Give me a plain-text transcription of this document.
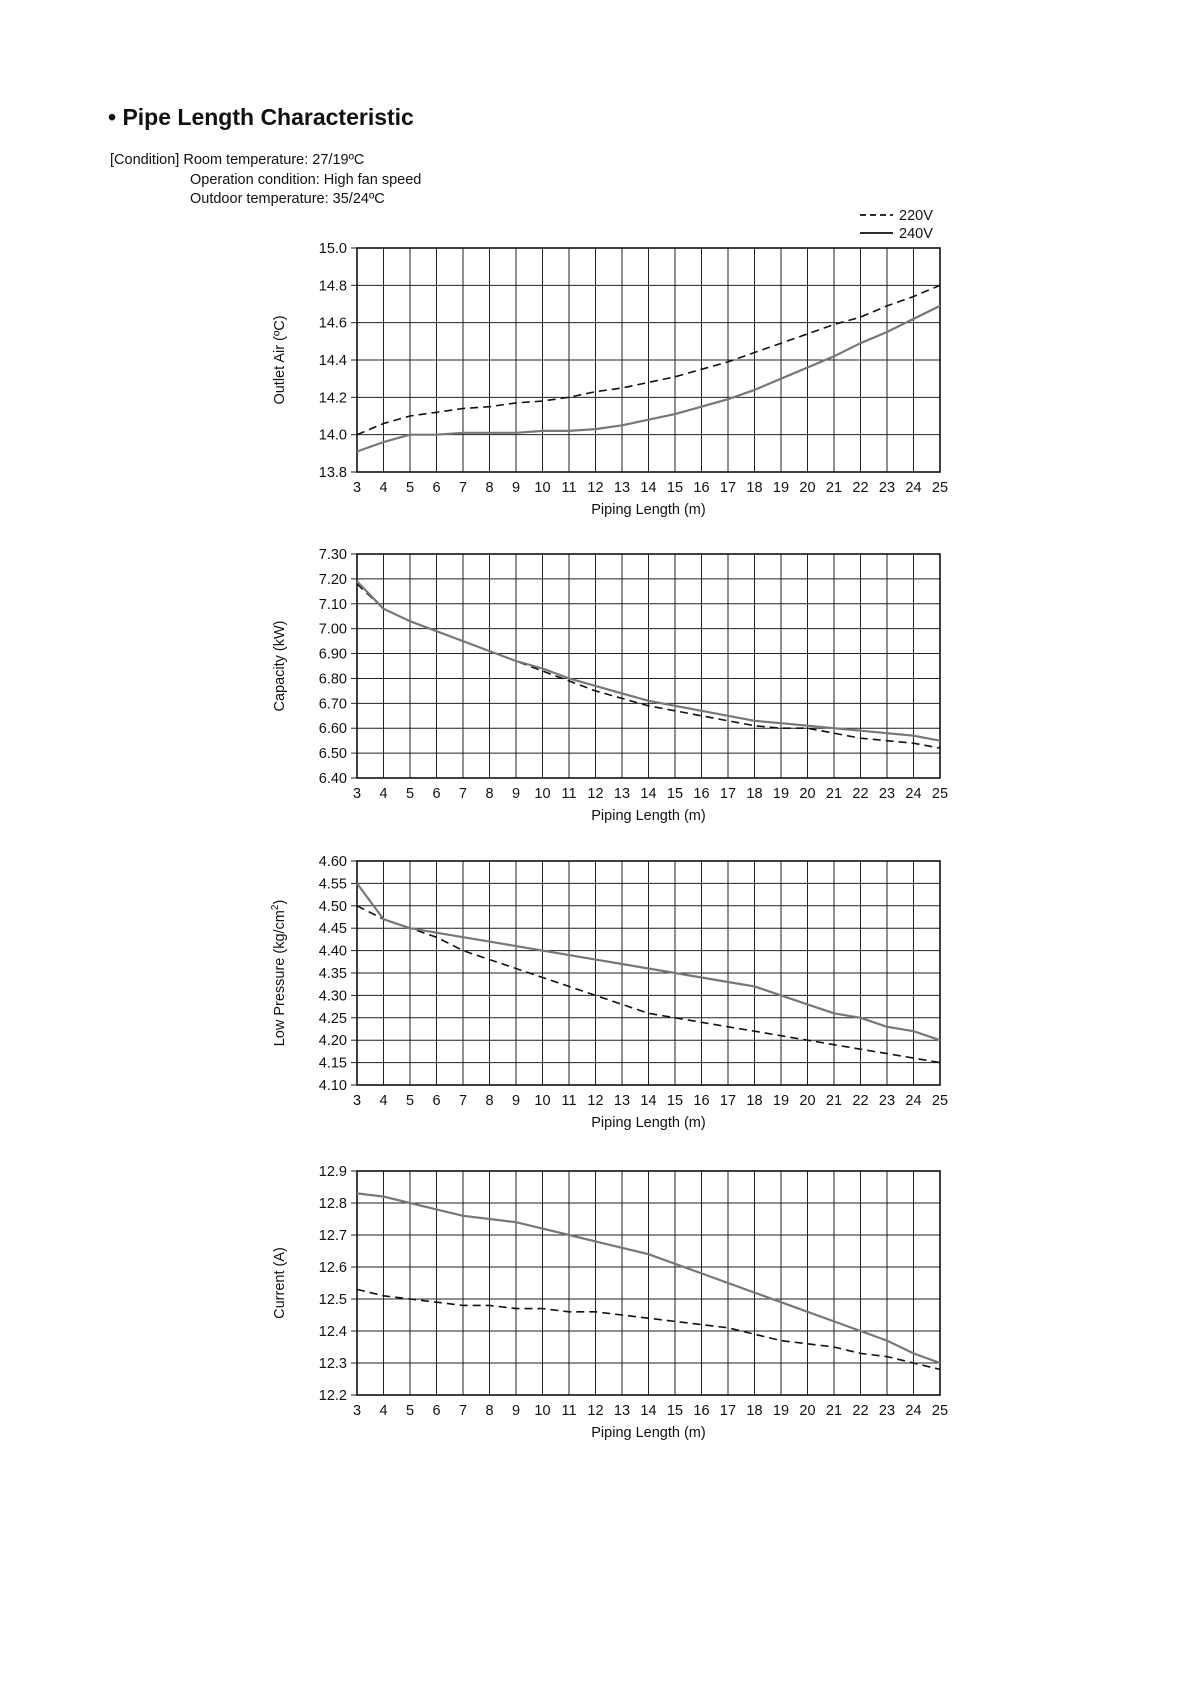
• Pipe Length Characteristic
[Condition] Room temperature: 27/19ºC
Operation condition: High fan speed
Outdoor temperature: 35/24ºC
220V
240V
3 4 5 6 7 8 9 10 11 12 13 14 15 16 17 18 19 20 21 22 23 24 25
13.8
14.0
14.2
14.4
14.6
14.8
15.0
Piping Length (m)
Outlet Air (ºC)
3 4 5 6 7 8 9 10 11 12 13 14 15 16 17 18 19 20 21 22 23 24 25
6.40
6.50
6.60
6.70
6.80
6.90
7.00
7.10
7.20
7.30
Piping Length (m)
Capacity (kW)
3 4 5 6 7 8 9 10 11 12 13 14 15 16 17 18 19 20 21 22 23 24 25
4.10
4.15
4.20
4.25
4.30
4.35
4.40
4.45
4.50
4.55
4.60
Piping Length (m)
Low Pressure $(kg/cm^2)$
3 4 5 6 7 8 9 10 11 12 13 14 15 16 17 18 19 20 21 22 23 24 25
12.2
12.3
12.4
12.5
12.6
12.7
12.8
12.9
Piping Length (m)
Current (A)
